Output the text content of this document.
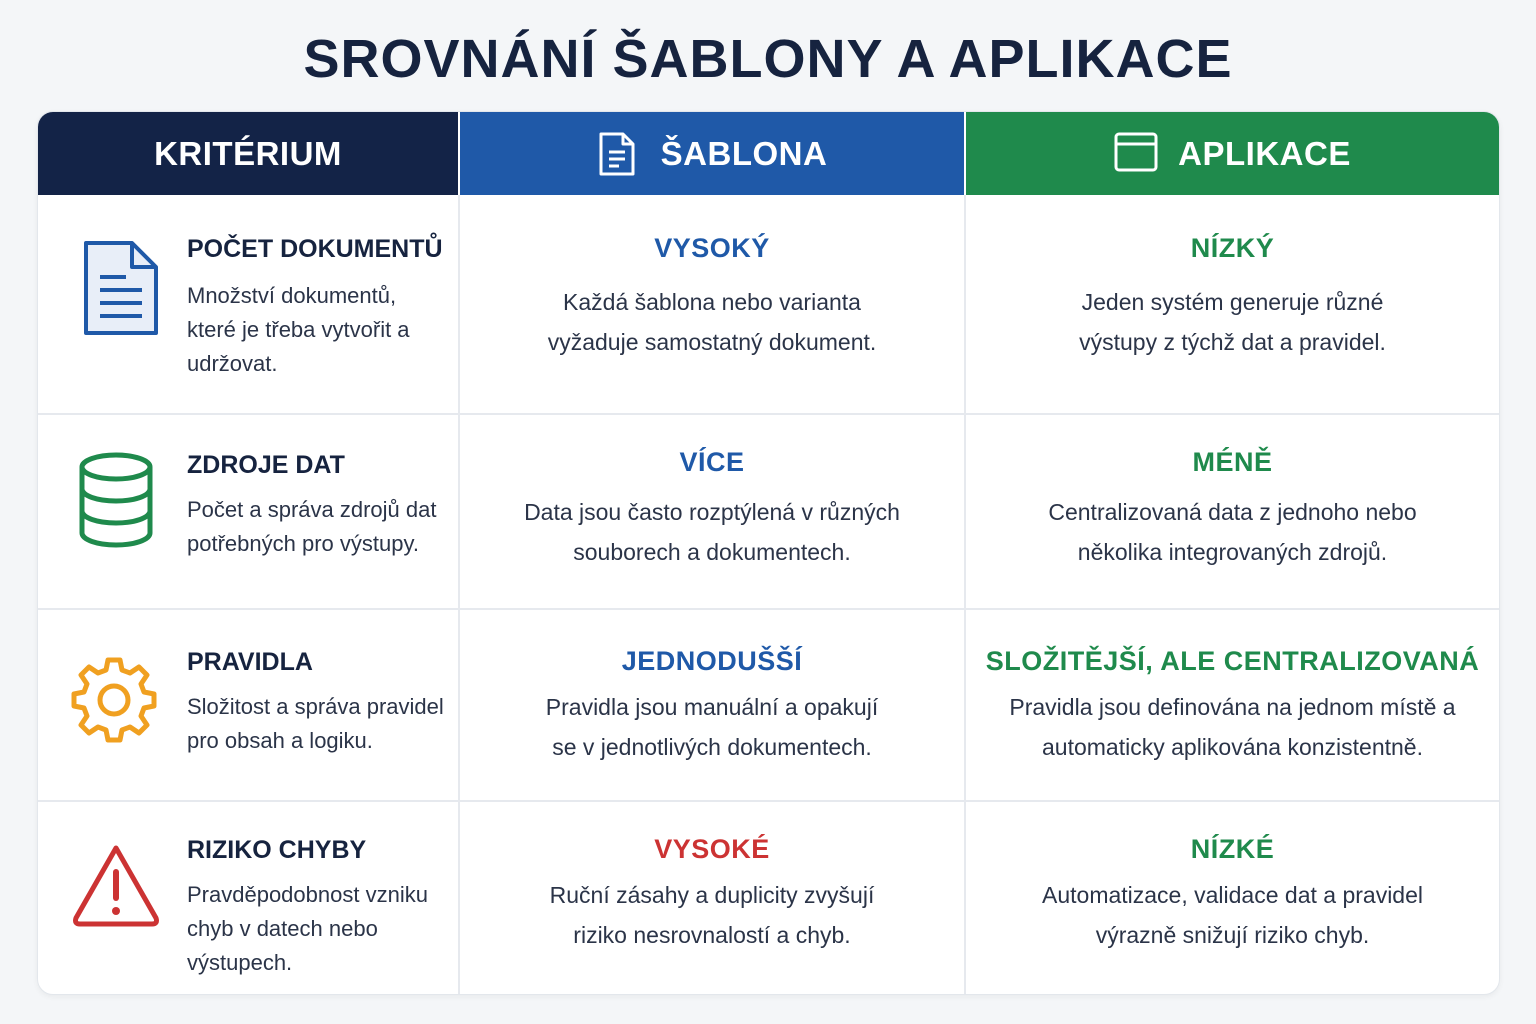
SROVNÁNÍ ŠABLONY A APLIKACE
KRITÉRIUM	ŠABLONA	APLIKACE
POČET DOKUMENTŮ
Množství dokumentů, které je třeba vytvořit a udržovat.
VYSOKÝ
Každá šablona nebo varianta vyžaduje samostatný dokument.
NÍZKÝ
Jeden systém generuje různé výstupy z týchž dat a pravidel.
ZDROJE DAT
Počet a správa zdrojů dat potřebných pro výstupy.
VÍCE
Data jsou často rozptýlená v různých souborech a dokumentech.
MÉNĚ
Centralizovaná data z jednoho nebo několika integrovaných zdrojů.
PRAVIDLA
Složitost a správa pravidel pro obsah a logiku.
JEDNODUŠŠÍ
Pravidla jsou manuální a opakují se v jednotlivých dokumentech.
SLOŽITĚJŠÍ, ALE CENTRALIZOVANÁ
Pravidla jsou definována na jednom místě a automaticky aplikována konzistentně.
RIZIKO CHYBY
Pravděpodobnost vzniku chyb v datech nebo výstupech.
VYSOKÉ
Ruční zásahy a duplicity zvyšují riziko nesrovnalostí a chyb.
NÍZKÉ
Automatizace, validace dat a pravidel výrazně snižují riziko chyb.
